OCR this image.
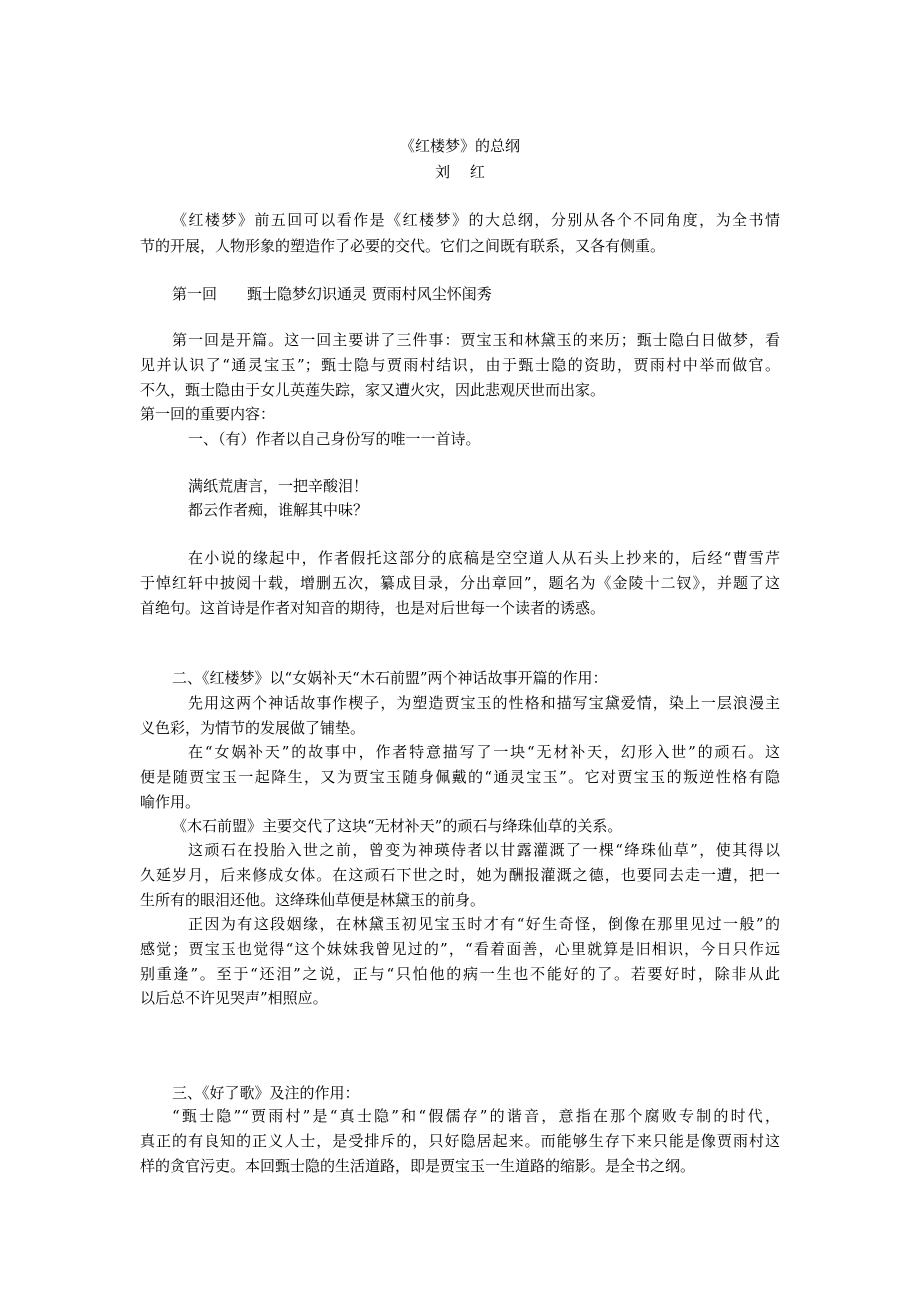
《红楼梦》的总纲
刘　 红
《红楼梦》前五回可以看作是《红楼梦》的大总纲，分别从各个不同角度，为全书情
节的开展，人物形象的塑造作了必要的交代。它们之间既有联系，又各有侧重。
第一回　　甄士隐梦幻识通灵 贾雨村风尘怀闺秀
第一回是开篇。这一回主要讲了三件事：贾宝玉和林黛玉的来历；甄士隐白日做梦，看
见并认识了“通灵宝玉”；甄士隐与贾雨村结识，由于甄士隐的资助，贾雨村中举而做官。
不久，甄士隐由于女儿英莲失踪，家又遭火灾，因此悲观厌世而出家。
第一回的重要内容：
一、（有）作者以自己身份写的唯一一首诗。
满纸荒唐言，一把辛酸泪！
都云作者痴，谁解其中味？
在小说的缘起中，作者假托这部分的底稿是空空道人从石头上抄来的，后经“曹雪芹
于悼红轩中披阅十载，增删五次，纂成目录，分出章回”，题名为《金陵十二钗》，并题了这
首绝句。这首诗是作者对知音的期待，也是对后世每一个读者的诱惑。
二、《红楼梦》以“女娲补天“木石前盟”两个神话故事开篇的作用：
先用这两个神话故事作楔子，为塑造贾宝玉的性格和描写宝黛爱情，染上一层浪漫主
义色彩，为情节的发展做了铺垫。
在“女娲补天”的故事中，作者特意描写了一块“无材补天，幻形入世”的顽石。这
便是随贾宝玉一起降生，又为贾宝玉随身佩戴的“通灵宝玉”。它对贾宝玉的叛逆性格有隐
喻作用。
《木石前盟》主要交代了这块“无材补天”的顽石与绛珠仙草的关系。
这顽石在投胎入世之前，曾变为神瑛侍者以甘露灌溉了一棵“绛珠仙草”，使其得以
久延岁月，后来修成女体。在这顽石下世之时，她为酬报灌溉之德，也要同去走一遭，把一
生所有的眼泪还他。这绛珠仙草便是林黛玉的前身。
正因为有这段姻缘，在林黛玉初见宝玉时才有“好生奇怪，倒像在那里见过一般”的
感觉；贾宝玉也觉得“这个妹妹我曾见过的”，“看着面善，心里就算是旧相识，今日只作远
别重逢”。至于“还泪”之说，正与“只怕他的病一生也不能好的了。若要好时，除非从此
以后总不许见哭声”相照应。
三、《好了歌》及注的作用：
“甄士隐”“贾雨村”是“真士隐”和“假儒存”的谐音，意指在那个腐败专制的时代，
真正的有良知的正义人士，是受排斥的，只好隐居起来。而能够生存下来只能是像贾雨村这
样的贪官污吏。本回甄士隐的生活道路，即是贾宝玉一生道路的缩影。是全书之纲。
